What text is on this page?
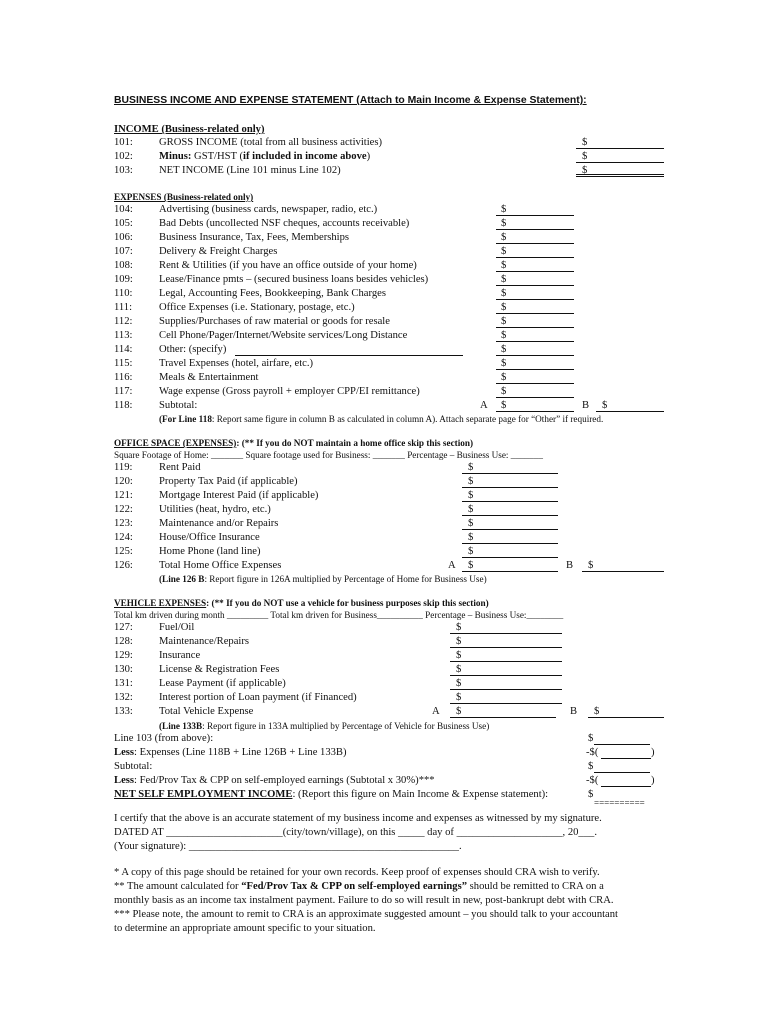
BUSINESS INCOME AND EXPENSE STATEMENT (Attach to Main Income & Expense Statement):
INCOME (Business-related only)
101: GROSS INCOME (total from all business activities)	$
102: Minus: GST/HST (if included in income above)	$
103: NET INCOME (Line 101 minus Line 102)	$
EXPENSES (Business-related only)
104: Advertising (business cards, newspaper, radio, etc.)	$
105: Bad Debts (uncollected NSF cheques, accounts receivable)	$
106: Business Insurance, Tax, Fees, Memberships	$
107: Delivery & Freight Charges	$
108: Rent & Utilities (if you have an office outside of your home)	$
109: Lease/Finance pmts – (secured business loans besides vehicles)	$
110:	Legal, Accounting Fees, Bookkeeping, Bank Charges	$
111:	Office Expenses (i.e. Stationary, postage, etc.)	$
112:	Supplies/Purchases of raw material or goods for resale	$
113:	Cell Phone/Pager/Internet/Website services/Long Distance	$
114:	Other: (specify)	$
115:	Travel Expenses (hotel, airfare, etc.)	$
116:	Meals & Entertainment	$
117:	Wage expense (Gross payroll + employer CPP/EI remittance)	$
118:	Subtotal:	A $	B $
(For Line 118: Report same figure in column B as calculated in column A). Attach separate page for “Other” if required.
OFFICE SPACE (EXPENSES): (** If you do NOT maintain a home office skip this section)
Square Footage of Home: _______ Square footage used for Business: _______ Percentage – Business Use: _______
119:	Rent Paid	$
120: Property Tax Paid (if applicable)	$
121: Mortgage Interest Paid (if applicable)	$
122: Utilities (heat, hydro, etc.)	$
123: Maintenance and/or Repairs	$
124: House/Office Insurance	$
125: Home Phone (land line)	$
126: Total Home Office Expenses	A $	B $
(Line 126 B: Report figure in 126A multiplied by Percentage of Home for Business Use)
VEHICLE EXPENSES: (** If you do NOT use a vehicle for business purposes skip this section)
Total km driven during month _________ Total km driven for Business__________ Percentage – Business Use:________
127: Fuel/Oil	$
128: Maintenance/Repairs	$
129: Insurance	$
130: License & Registration Fees	$
131: Lease Payment (if applicable)	$
132: Interest portion of Loan payment (if Financed)	$
133: Total Vehicle Expense	A $	B $
(Line 133B: Report figure in 133A multiplied by Percentage of Vehicle for Business Use)
Line 103 (from above):	$
Less: Expenses (Line 118B + Line 126B + Line 133B)	-$(	)
Subtotal:	$
Less: Fed/Prov Tax & CPP on self-employed earnings (Subtotal x 30%)***	-$(	)
NET SELF EMPLOYMENT INCOME: (Report this figure on Main Income & Expense statement):	$
==========
I certify that the above is an accurate statement of my business income and expenses as witnessed by my signature.
DATED AT ______________________(city/town/village), on this _____ day of ____________________, 20___.
(Your signature): ___________________________________________________.
* A copy of this page should be retained for your own records. Keep proof of expenses should CRA wish to verify.
** The amount calculated for “Fed/Prov Tax & CPP on self-employed earnings” should be remitted to CRA on a
monthly basis as an income tax instalment payment. Failure to do so will result in new, post-bankrupt debt with CRA.
*** Please note, the amount to remit to CRA is an approximate suggested amount – you should talk to your accountant
to determine an appropriate amount specific to your situation.
